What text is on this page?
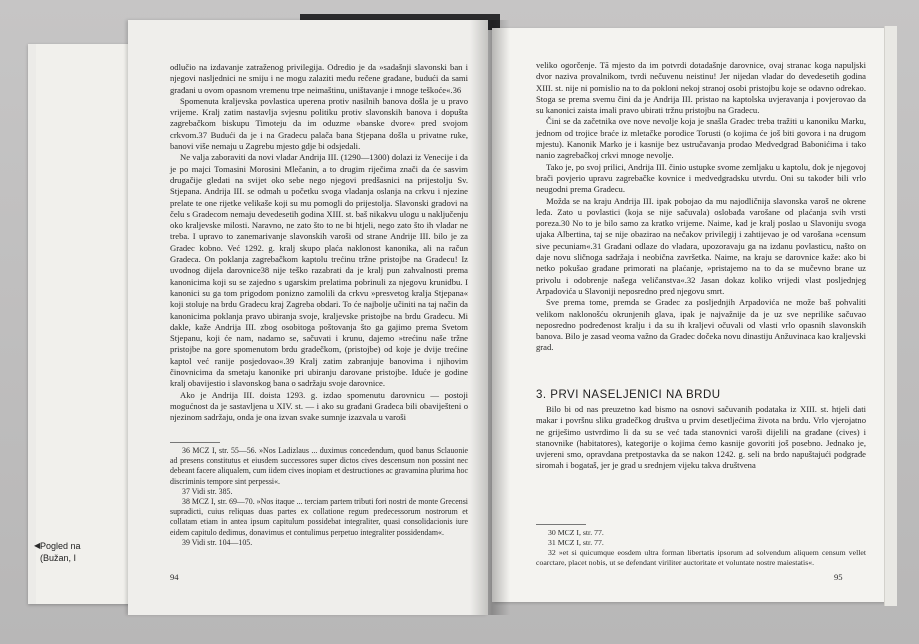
◀ Pogled na
(Bužan, I

odlučio na izdavanje zatraženog privilegija. Odredio je da »sadašnji slavonski ban i njegovi nasljednici ne smiju i ne mogu zalaziti među rečene građane, budući da sami građani u ovom opasnom vremenu trpe neimaštinu, uništavanje i mnoge teškoće«.36

Spomenuta kraljevska povlastica uperena protiv nasilnih banova došla je u pravo vrijeme. Kralj zatim nastavlja svjesnu politiku protiv slavonskih banova i dopušta zagrebačkom biskupu Timoteju da im oduzme »banske dvore« pred svojom crkvom.37 Budući da je i na Gradecu palača bana Stjepana došla u privatne ruke, banovi više nemaju u Zagrebu mjesto gdje bi odsjedali.

Ne valja zaboraviti da novi vladar Andrija III. (1290—1300) dolazi iz Venecije i da je po majci Tomasini Morosini Mlečanin, a to drugim riječima znači da će sasvim drugačije gledati na svijet oko sebe nego njegovi predšasnici na prijestolju Sv. Stjepana. Andrija III. se odmah u početku svoga vladanja oslanja na crkvu i njezine prelate te one rijetke velikaše koji su mu pomogli do prijestolja. Slavonski gradovi na čelu s Gradecom nemaju devedesetih godina XIII. st. baš nikakvu ulogu u naključenju oko kraljevske milosti. Naravno, ne zato što to ne bi htjeli, nego zato što ih vladar ne treba. I upravo to zanemarivanje slavonskih varoši od strane Andrije III. bilo je za Gradec kobno. Već 1292. g. kralj skupo plaća naklonost kanonika, ali na račun Gradeca. On poklanja zagrebačkom kaptolu trećinu tržne pristojbe na Gradecu! Iz uvodnog dijela darovnice38 nije teško razabrati da je kralj pun zahvalnosti prema kanonicima koji su se zajedno s ugarskim prelatima pobrinuli za njegovu krunidbu. I kanonici su ga tom prigodom ponizno zamolili da crkvu »presvetog kralja Stjepana« koji stoluje na brdu Gradecu kraj Zagreba obdari. To će najbolje učiniti na taj način da kanonicima poklanja pravo ubiranja svoje, kraljevske pristojbe na brdu Gradecu. Mi dakle, kaže Andrija III. zbog osobitoga poštovanja što ga gajimo prema Svetom Stjepanu, koji će nam, nadamo se, sačuvati i krunu, dajemo »trećinu naše tržne pristojbe na gore spomenutom brdu gradečkom, (pristojbe) od koje je dvije trećine kaptol već ranije posjedovao«.39 Kralj zatim zabranjuje banovima i njihovim činovnicima da smetaju kanonike pri ubiranju darovane pristojbe. Iduće je godine kralj obavijestio i slavonskog bana o sadržaju svoje darovnice.

Ako je Andrija III. doista 1293. g. izdao spomenutu darovnicu — postoji mogućnost da je sastavljena u XIV. st. — i ako su građani Gradeca bili obaviješteni o njezinom sadržaju, onda je ona izvan svake sumnje izazvala u varoši

36 MCZ I, str. 55—56. »Nos Ladizlaus ... duximus concedendum, quod banus Sclauonie ad presens constitutus et eiusdem successores super dictos cives descensum non possint nec debeant facere aliqualem, cum iidem cives inopiam et destructiones ac gravamina plurima hoc discriminis tempore sint perpessi«.

37 Vidi str. 385.

38 MCZ I, str. 69—70. »Nos itaque ... terciam partem tributi fori nostri de monte Grecensi supradicti, cuius reliquas duas partes ex collatione regum predecessorum nostrorum et collatam etiam in antea ipsum capitulum possidebat integraliter, quasi consolidacionis iure eidem capitulo dedimus, donavimus et contulimus perpetuo integraliter possidendam«.

39 Vidi str. 104—105.

94

veliko ogorčenje. Tā mjesto da im potvrdi dotadašnje darovnice, ovaj stranac koga napuljski dvor naziva provalnikom, tvrdi nečuvenu neistinu! Jer nijedan vladar do devedesetih godina XIII. st. nije ni pomislio na to da pokloni nekoj stranoj osobi pristojbu koje se odavno odrekao. Stoga se prema svemu čini da je Andrija III. pristao na kaptolska uvjeravanja i povjerovao da su kanonici zaista imali pravo ubirati tržnu pristojbu na Gradecu.

Čini se da začetnika ove nove nevolje koja je snašla Gradec treba tražiti u kanoniku Marku, jednom od trojice braće iz mletačke porodice Torusti (o kojima će još biti govora i na drugom mjestu). Kanonik Marko je i kasnije bez ustručavanja prodao Medvedgrad Babonićima i tako nanio zagrebačkoj crkvi mnoge nevolje.

Tako je, po svoj prilici, Andrija III. činio ustupke svome zemljaku u kaptolu, dok je njegovoj brači povjerio upravu zagrebačke kovnice i medvedgradsku utvrdu. Oni su također bili vrlo neugodni prema Gradecu.

Možda se na kraju Andrija III. ipak pobojao da mu najodličnija slavonska varoš ne okrene leđa. Zato u povlastici (koja se nije sačuvala) oslobađa varošane od plaćanja svih vrsti poreza.30 No to je bilo samo za kratko vrijeme. Naime, kad je kralj poslao u Slavoniju svoga ujaka Albertina, taj se nije obazirao na nečakov privilegij i zahtijevao je od varošana »censum sive pecuniam«.31 Građani odlaze do vladara, upozoravaju ga na izdanu povlasticu, našto on daje novu sličnoga sadržaja i neobična završetka. Naime, na kraju se darovnice kaže: ako bi netko pokušao građane primorati na plaćanje, »pristajemo na to da se mučevno brane uz privolu i odobrenje našega veličanstva«.32 Jasan dokaz koliko vrijedi vlast posljednjeg Arpadovića u Slavoniji neposredno pred njegovu smrt.

Sve prema tome, premda se Gradec za posljednjih Arpadovića ne može baš pohvaliti velikom naklonošću okrunjenih glava, ipak je najvažnije da je uz sve neprilike sačuvao neposredno podređenost kralju i da su ih kraljevi očuvali od vlasti vrlo opasnih slavonskih banova. Bilo je zasad veoma važno da Gradec dočeka novu dinastiju Anžuvinaca kao kraljevski grad.

3. PRVI NASELJENICI NA BRDU

Bilo bi od nas preuzetno kad bismo na osnovi sačuvanih podataka iz XIII. st. htjeli dati makar i površnu sliku gradečkog društva u prvim desetljećima života na brdu. Vrlo vjerojatno ne griješimo ustvrdimo li da su se već tada stanovnici varoši dijelili na građane (cives) i stanovnike (habitatores), kategorije o kojima ćemo kasnije govoriti još posebno. Jednako je, uvjereni smo, opravdana pretpostavka da se nakon 1242. g. seli na brdo napuštajući podgrađe siromah i bogataš, jer je grad u srednjem vijeku takva društvena

30 MCZ I, str. 77.

31 MCZ I, str. 77.

32 »et si quicumque eosdem ultra forman libertatis ipsorum ad solvendum aliquem censum vellet coarctare, placet nobis, ut se defendant viriliter auctoritate et voluntate nostre maiestatis«.

95
